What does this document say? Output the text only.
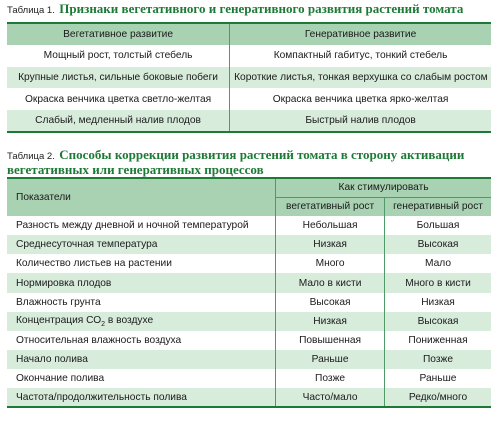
Таблица 1. Признаки вегетативного и генеративного развития растений томата
Вегетативное развитие	Генеративное развитие
Мощный рост, толстый стебель	Компактный габитус, тонкий стебель
Крупные листья, сильные боковые побеги	Короткие листья, тонкая верхушка со слабым ростом
Окраска венчика цветка светло-желтая	Окраска венчика цветка ярко-желтая
Слабый, медленный налив плодов	Быстрый налив плодов
Таблица 2. Способы коррекции развития растений томата в сторону активации
вегетативных или генеративных процессов
Показатели	Как стимулировать	
	вегетативный рост	генеративный рост
Разность между дневной и ночной температурой	Небольшая	Большая
Среднесуточная температура	Низкая	Высокая
Количество листьев на растении	Много	Мало
Нормировка плодов	Мало в кисти	Много в кисти
Влажность грунта	Высокая	Низкая
Концентрация $СО_2$ в воздухе	Низкая	Высокая
Относительная влажность воздуха	Повышенная	Пониженная
Начало полива	Раньше	Позже
Окончание полива	Позже	Раньше
Частота/продолжительность полива	Часто/мало	Редко/много
